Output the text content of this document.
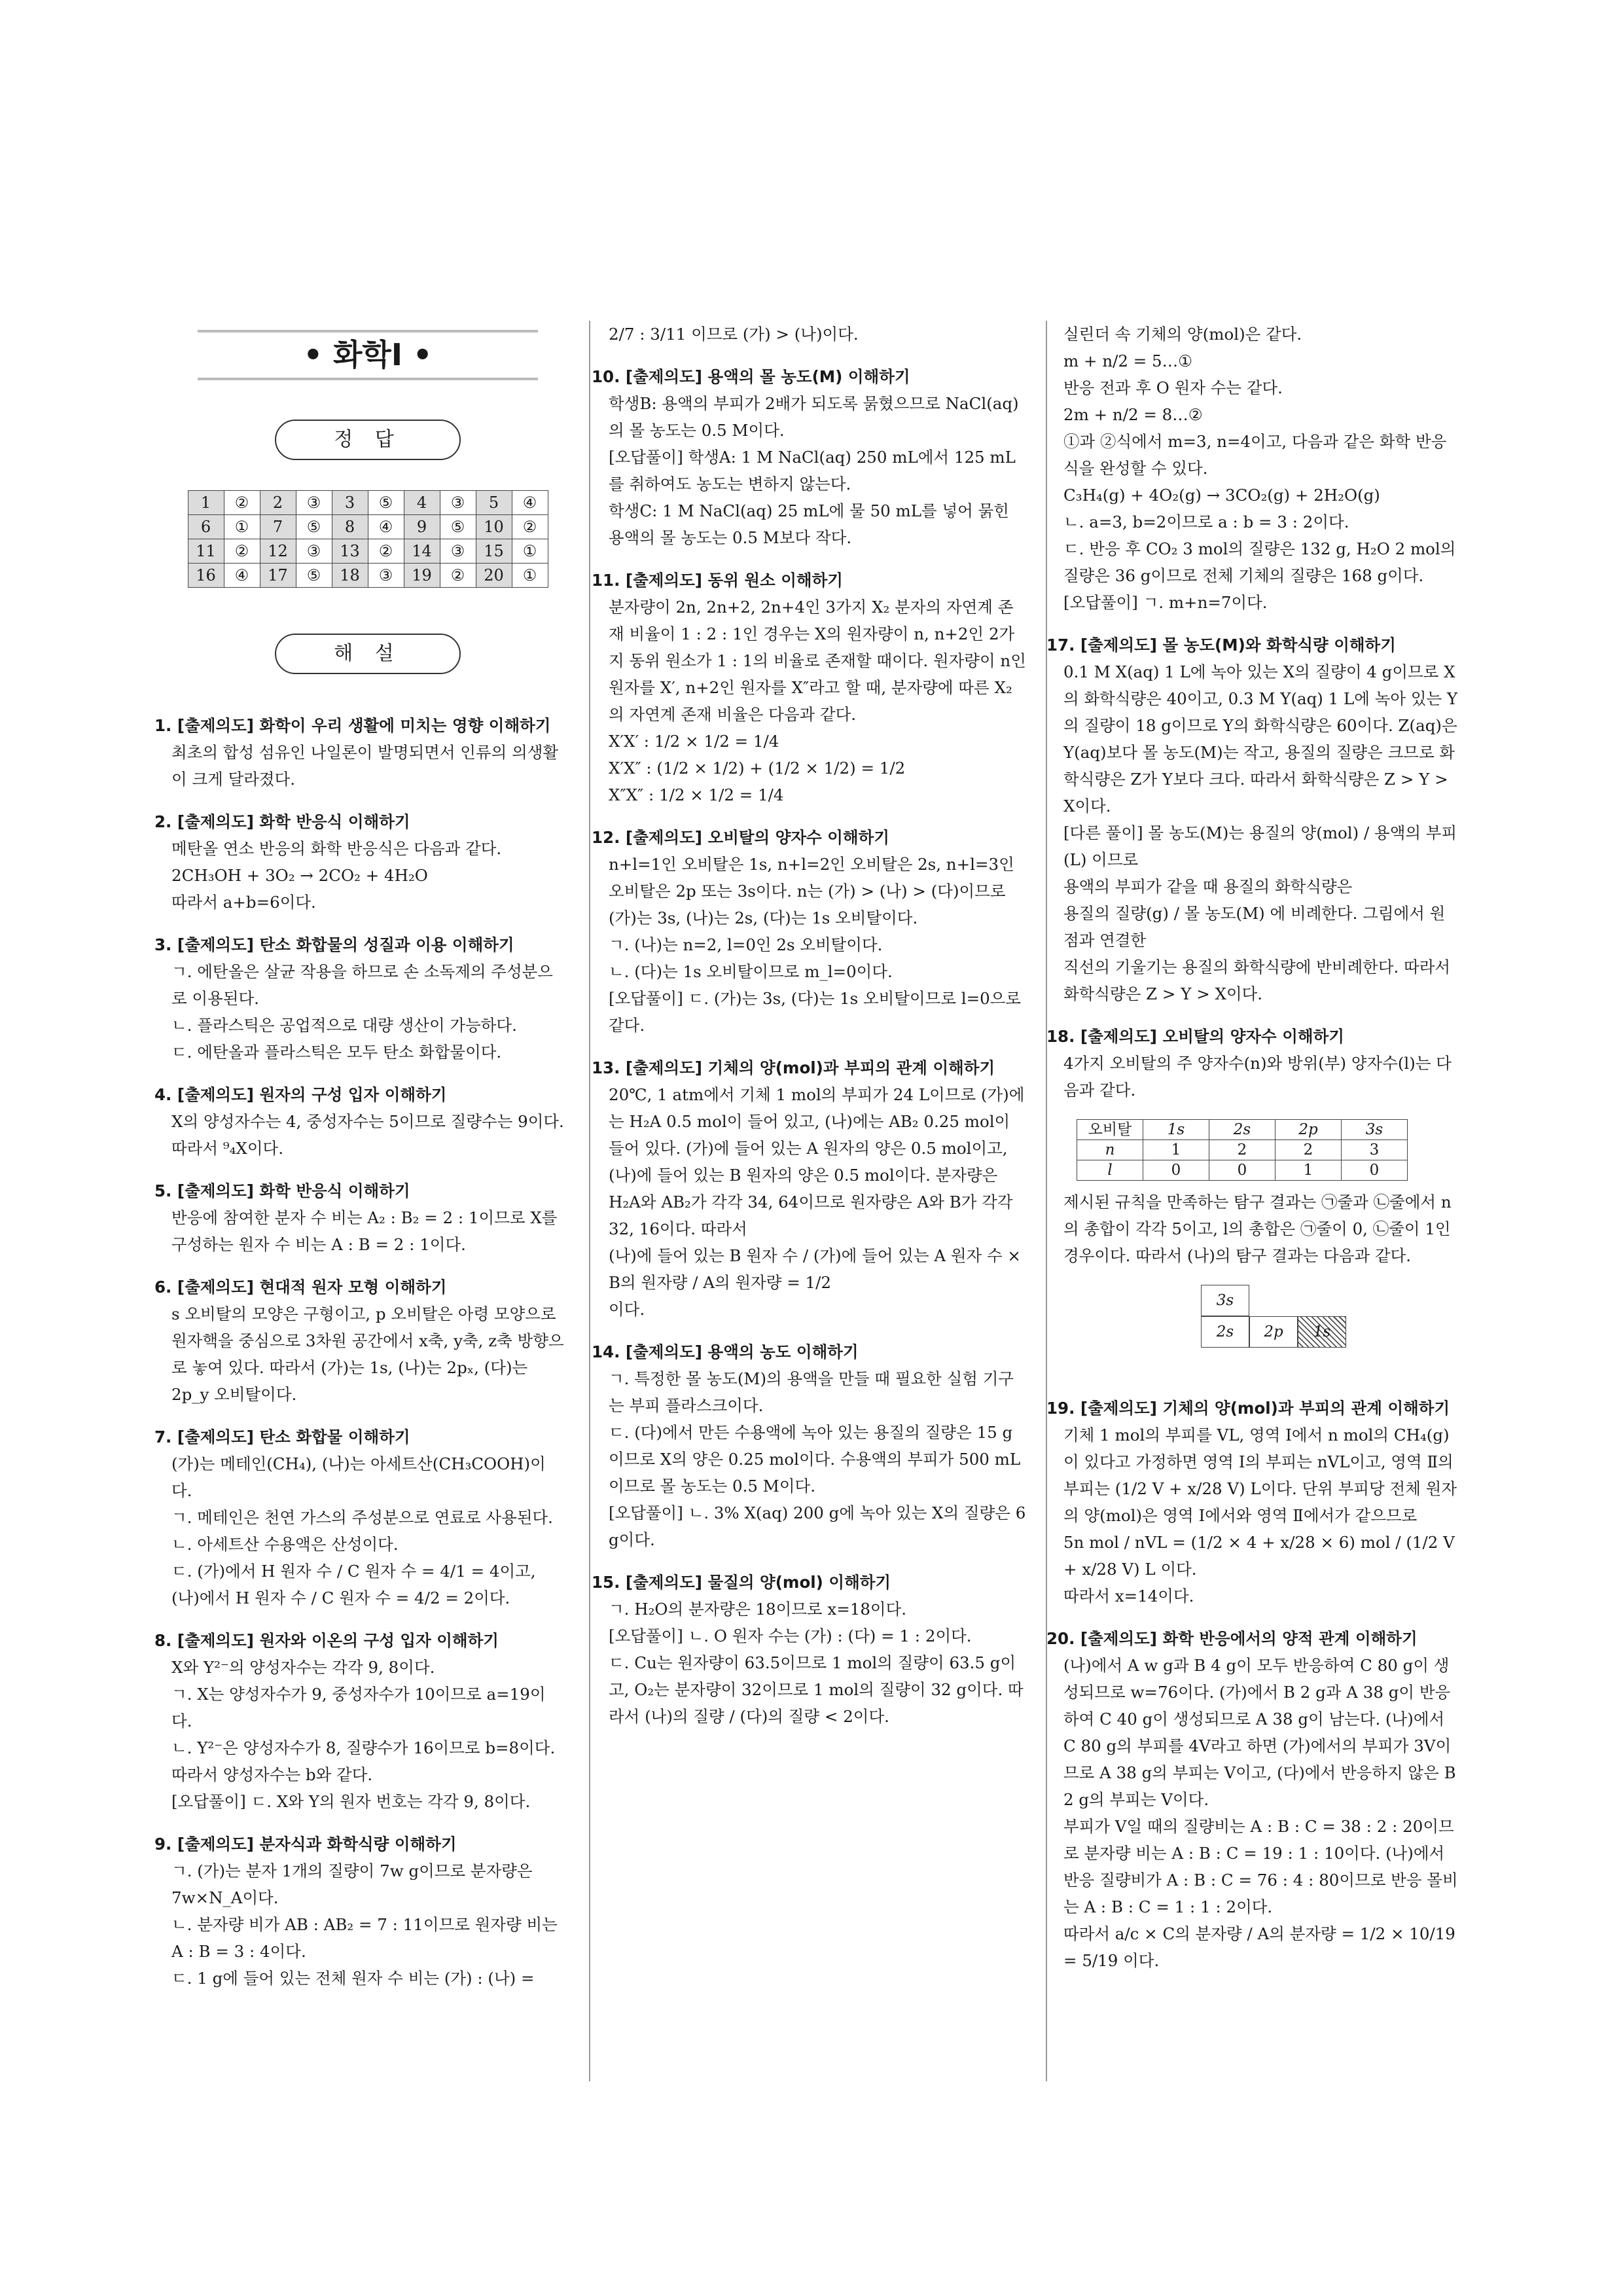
• 화학Ⅰ •
정 답
1	②	2	③	3	⑤	4	③	5	④
6	①	7	⑤	8	④	9	⑤	10	②
11	②	12	③	13	②	14	③	15	①
16	④	17	⑤	18	③	19	②	20	①
해 설
1. [출제의도] 화학이 우리 생활에 미치는 영향 이해하기
최초의 합성 섬유인 나일론이 발명되면서 인류의 의생활이 크게 달라졌다.
2. [출제의도] 화학 반응식 이해하기
메탄올 연소 반응의 화학 반응식은 다음과 같다.
2CH₃OH + 3O₂ → 2CO₂ + 4H₂O
따라서 a+b=6이다.
3. [출제의도] 탄소 화합물의 성질과 이용 이해하기
ㄱ. 에탄올은 살균 작용을 하므로 손 소독제의 주성분으로 이용된다.
ㄴ. 플라스틱은 공업적으로 대량 생산이 가능하다.
ㄷ. 에탄올과 플라스틱은 모두 탄소 화합물이다.
4. [출제의도] 원자의 구성 입자 이해하기
X의 양성자수는 4, 중성자수는 5이므로 질량수는 9이다. 따라서 ⁹₄X이다.
5. [출제의도] 화학 반응식 이해하기
반응에 참여한 분자 수 비는 A₂ : B₂ = 2 : 1이므로 X를 구성하는 원자 수 비는 A : B = 2 : 1이다.
6. [출제의도] 현대적 원자 모형 이해하기
s 오비탈의 모양은 구형이고, p 오비탈은 아령 모양으로 원자핵을 중심으로 3차원 공간에서 x축, y축, z축 방향으로 놓여 있다. 따라서 (가)는 1s, (나)는 2pₓ, (다)는 2p_y 오비탈이다.
7. [출제의도] 탄소 화합물 이해하기
(가)는 메테인(CH₄), (나)는 아세트산(CH₃COOH)이다.
ㄱ. 메테인은 천연 가스의 주성분으로 연료로 사용된다.
ㄴ. 아세트산 수용액은 산성이다.
ㄷ. (가)에서 H 원자 수 / C 원자 수 = 4/1 = 4이고,
(나)에서 H 원자 수 / C 원자 수 = 4/2 = 2이다.
8. [출제의도] 원자와 이온의 구성 입자 이해하기
X와 Y²⁻의 양성자수는 각각 9, 8이다.
ㄱ. X는 양성자수가 9, 중성자수가 10이므로 a=19이다.
ㄴ. Y²⁻은 양성자수가 8, 질량수가 16이므로 b=8이다. 따라서 양성자수는 b와 같다.
[오답풀이] ㄷ. X와 Y의 원자 번호는 각각 9, 8이다.
9. [출제의도] 분자식과 화학식량 이해하기
ㄱ. (가)는 분자 1개의 질량이 7w g이므로 분자량은 7w×N_A이다.
ㄴ. 분자량 비가 AB : AB₂ = 7 : 11이므로 원자량 비는 A : B = 3 : 4이다.
ㄷ. 1 g에 들어 있는 전체 원자 수 비는 (가) : (나) =
2/7 : 3/11 이므로 (가) > (나)이다.
10. [출제의도] 용액의 몰 농도(M) 이해하기
학생B: 용액의 부피가 2배가 되도록 묽혔으므로 NaCl(aq)의 몰 농도는 0.5 M이다.
[오답풀이] 학생A: 1 M NaCl(aq) 250 mL에서 125 mL를 취하여도 농도는 변하지 않는다.
학생C: 1 M NaCl(aq) 25 mL에 물 50 mL를 넣어 묽힌 용액의 몰 농도는 0.5 M보다 작다.
11. [출제의도] 동위 원소 이해하기
분자량이 2n, 2n+2, 2n+4인 3가지 X₂ 분자의 자연계 존재 비율이 1 : 2 : 1인 경우는 X의 원자량이 n, n+2인 2가지 동위 원소가 1 : 1의 비율로 존재할 때이다. 원자량이 n인 원자를 X′, n+2인 원자를 X″라고 할 때, 분자량에 따른 X₂의 자연계 존재 비율은 다음과 같다.
X′X′ : 1/2 × 1/2 = 1/4
X′X″ : (1/2 × 1/2) + (1/2 × 1/2) = 1/2
X″X″ : 1/2 × 1/2 = 1/4
12. [출제의도] 오비탈의 양자수 이해하기
n+l=1인 오비탈은 1s, n+l=2인 오비탈은 2s, n+l=3인 오비탈은 2p 또는 3s이다. n는 (가) > (나) > (다)이므로 (가)는 3s, (나)는 2s, (다)는 1s 오비탈이다.
ㄱ. (나)는 n=2, l=0인 2s 오비탈이다.
ㄴ. (다)는 1s 오비탈이므로 m_l=0이다.
[오답풀이] ㄷ. (가)는 3s, (다)는 1s 오비탈이므로 l=0으로 같다.
13. [출제의도] 기체의 양(mol)과 부피의 관계 이해하기
20℃, 1 atm에서 기체 1 mol의 부피가 24 L이므로 (가)에는 H₂A 0.5 mol이 들어 있고, (나)에는 AB₂ 0.25 mol이 들어 있다. (가)에 들어 있는 A 원자의 양은 0.5 mol이고, (나)에 들어 있는 B 원자의 양은 0.5 mol이다. 분자량은 H₂A와 AB₂가 각각 34, 64이므로 원자량은 A와 B가 각각 32, 16이다. 따라서
(나)에 들어 있는 B 원자 수 / (가)에 들어 있는 A 원자 수 × B의 원자량 / A의 원자량 = 1/2
이다.
14. [출제의도] 용액의 농도 이해하기
ㄱ. 특정한 몰 농도(M)의 용액을 만들 때 필요한 실험 기구는 부피 플라스크이다.
ㄷ. (다)에서 만든 수용액에 녹아 있는 용질의 질량은 15 g이므로 X의 양은 0.25 mol이다. 수용액의 부피가 500 mL이므로 몰 농도는 0.5 M이다.
[오답풀이] ㄴ. 3% X(aq) 200 g에 녹아 있는 X의 질량은 6 g이다.
15. [출제의도] 물질의 양(mol) 이해하기
ㄱ. H₂O의 분자량은 18이므로 x=18이다.
[오답풀이] ㄴ. O 원자 수는 (가) : (다) = 1 : 2이다.
ㄷ. Cu는 원자량이 63.5이므로 1 mol의 질량이 63.5 g이고, O₂는 분자량이 32이므로 1 mol의 질량이 32 g이다. 따라서 (나)의 질량 / (다)의 질량 < 2이다.
실린더 속 기체의 양(mol)은 같다.
m + n/2 = 5…①
반응 전과 후 O 원자 수는 같다.
2m + n/2 = 8…②
①과 ②식에서 m=3, n=4이고, 다음과 같은 화학 반응식을 완성할 수 있다.
C₃H₄(g) + 4O₂(g) → 3CO₂(g) + 2H₂O(g)
ㄴ. a=3, b=2이므로 a : b = 3 : 2이다.
ㄷ. 반응 후 CO₂ 3 mol의 질량은 132 g, H₂O 2 mol의 질량은 36 g이므로 전체 기체의 질량은 168 g이다.
[오답풀이] ㄱ. m+n=7이다.
17. [출제의도] 몰 농도(M)와 화학식량 이해하기
0.1 M X(aq) 1 L에 녹아 있는 X의 질량이 4 g이므로 X의 화학식량은 40이고, 0.3 M Y(aq) 1 L에 녹아 있는 Y의 질량이 18 g이므로 Y의 화학식량은 60이다. Z(aq)은 Y(aq)보다 몰 농도(M)는 작고, 용질의 질량은 크므로 화학식량은 Z가 Y보다 크다. 따라서 화학식량은 Z > Y > X이다.
[다른 풀이] 몰 농도(M)는 용질의 양(mol) / 용액의 부피(L) 이므로
용액의 부피가 같을 때 용질의 화학식량은
용질의 질량(g) / 몰 농도(M) 에 비례한다. 그림에서 원점과 연결한
직선의 기울기는 용질의 화학식량에 반비례한다. 따라서 화학식량은 Z > Y > X이다.
18. [출제의도] 오비탈의 양자수 이해하기
4가지 오비탈의 주 양자수(n)와 방위(부) 양자수(l)는 다음과 같다.
오비탈	1s	2s	2p	3s
n	1	2	2	3
l	0	0	1	0
제시된 규칙을 만족하는 탐구 결과는 ㉠줄과 ㉡줄에서 n의 총합이 각각 5이고, l의 총합은 ㉠줄이 0, ㉡줄이 1인 경우이다. 따라서 (나)의 탐구 결과는 다음과 같다.
3s
2s	2p	1s
19. [출제의도] 기체의 양(mol)과 부피의 관계 이해하기
기체 1 mol의 부피를 VL, 영역 Ⅰ에서 n mol의 CH₄(g)이 있다고 가정하면 영역 Ⅰ의 부피는 nVL이고, 영역 Ⅱ의 부피는 (1/2 V + x/28 V) L이다. 단위 부피당 전체 원자의 양(mol)은 영역 Ⅰ에서와 영역 Ⅱ에서가 같으므로
5n mol / nVL = (1/2 × 4 + x/28 × 6) mol / (1/2 V + x/28 V) L 이다.
따라서 x=14이다.
20. [출제의도] 화학 반응에서의 양적 관계 이해하기
(나)에서 A w g과 B 4 g이 모두 반응하여 C 80 g이 생성되므로 w=76이다. (가)에서 B 2 g과 A 38 g이 반응하여 C 40 g이 생성되므로 A 38 g이 남는다. (나)에서 C 80 g의 부피를 4V라고 하면 (가)에서의 부피가 3V이므로 A 38 g의 부피는 V이고, (다)에서 반응하지 않은 B 2 g의 부피는 V이다.
부피가 V일 때의 질량비는 A : B : C = 38 : 2 : 20이므로 분자량 비는 A : B : C = 19 : 1 : 10이다. (나)에서 반응 질량비가 A : B : C = 76 : 4 : 80이므로 반응 몰비는 A : B : C = 1 : 1 : 2이다.
따라서 a/c × C의 분자량 / A의 분자량 = 1/2 × 10/19 = 5/19 이다.
